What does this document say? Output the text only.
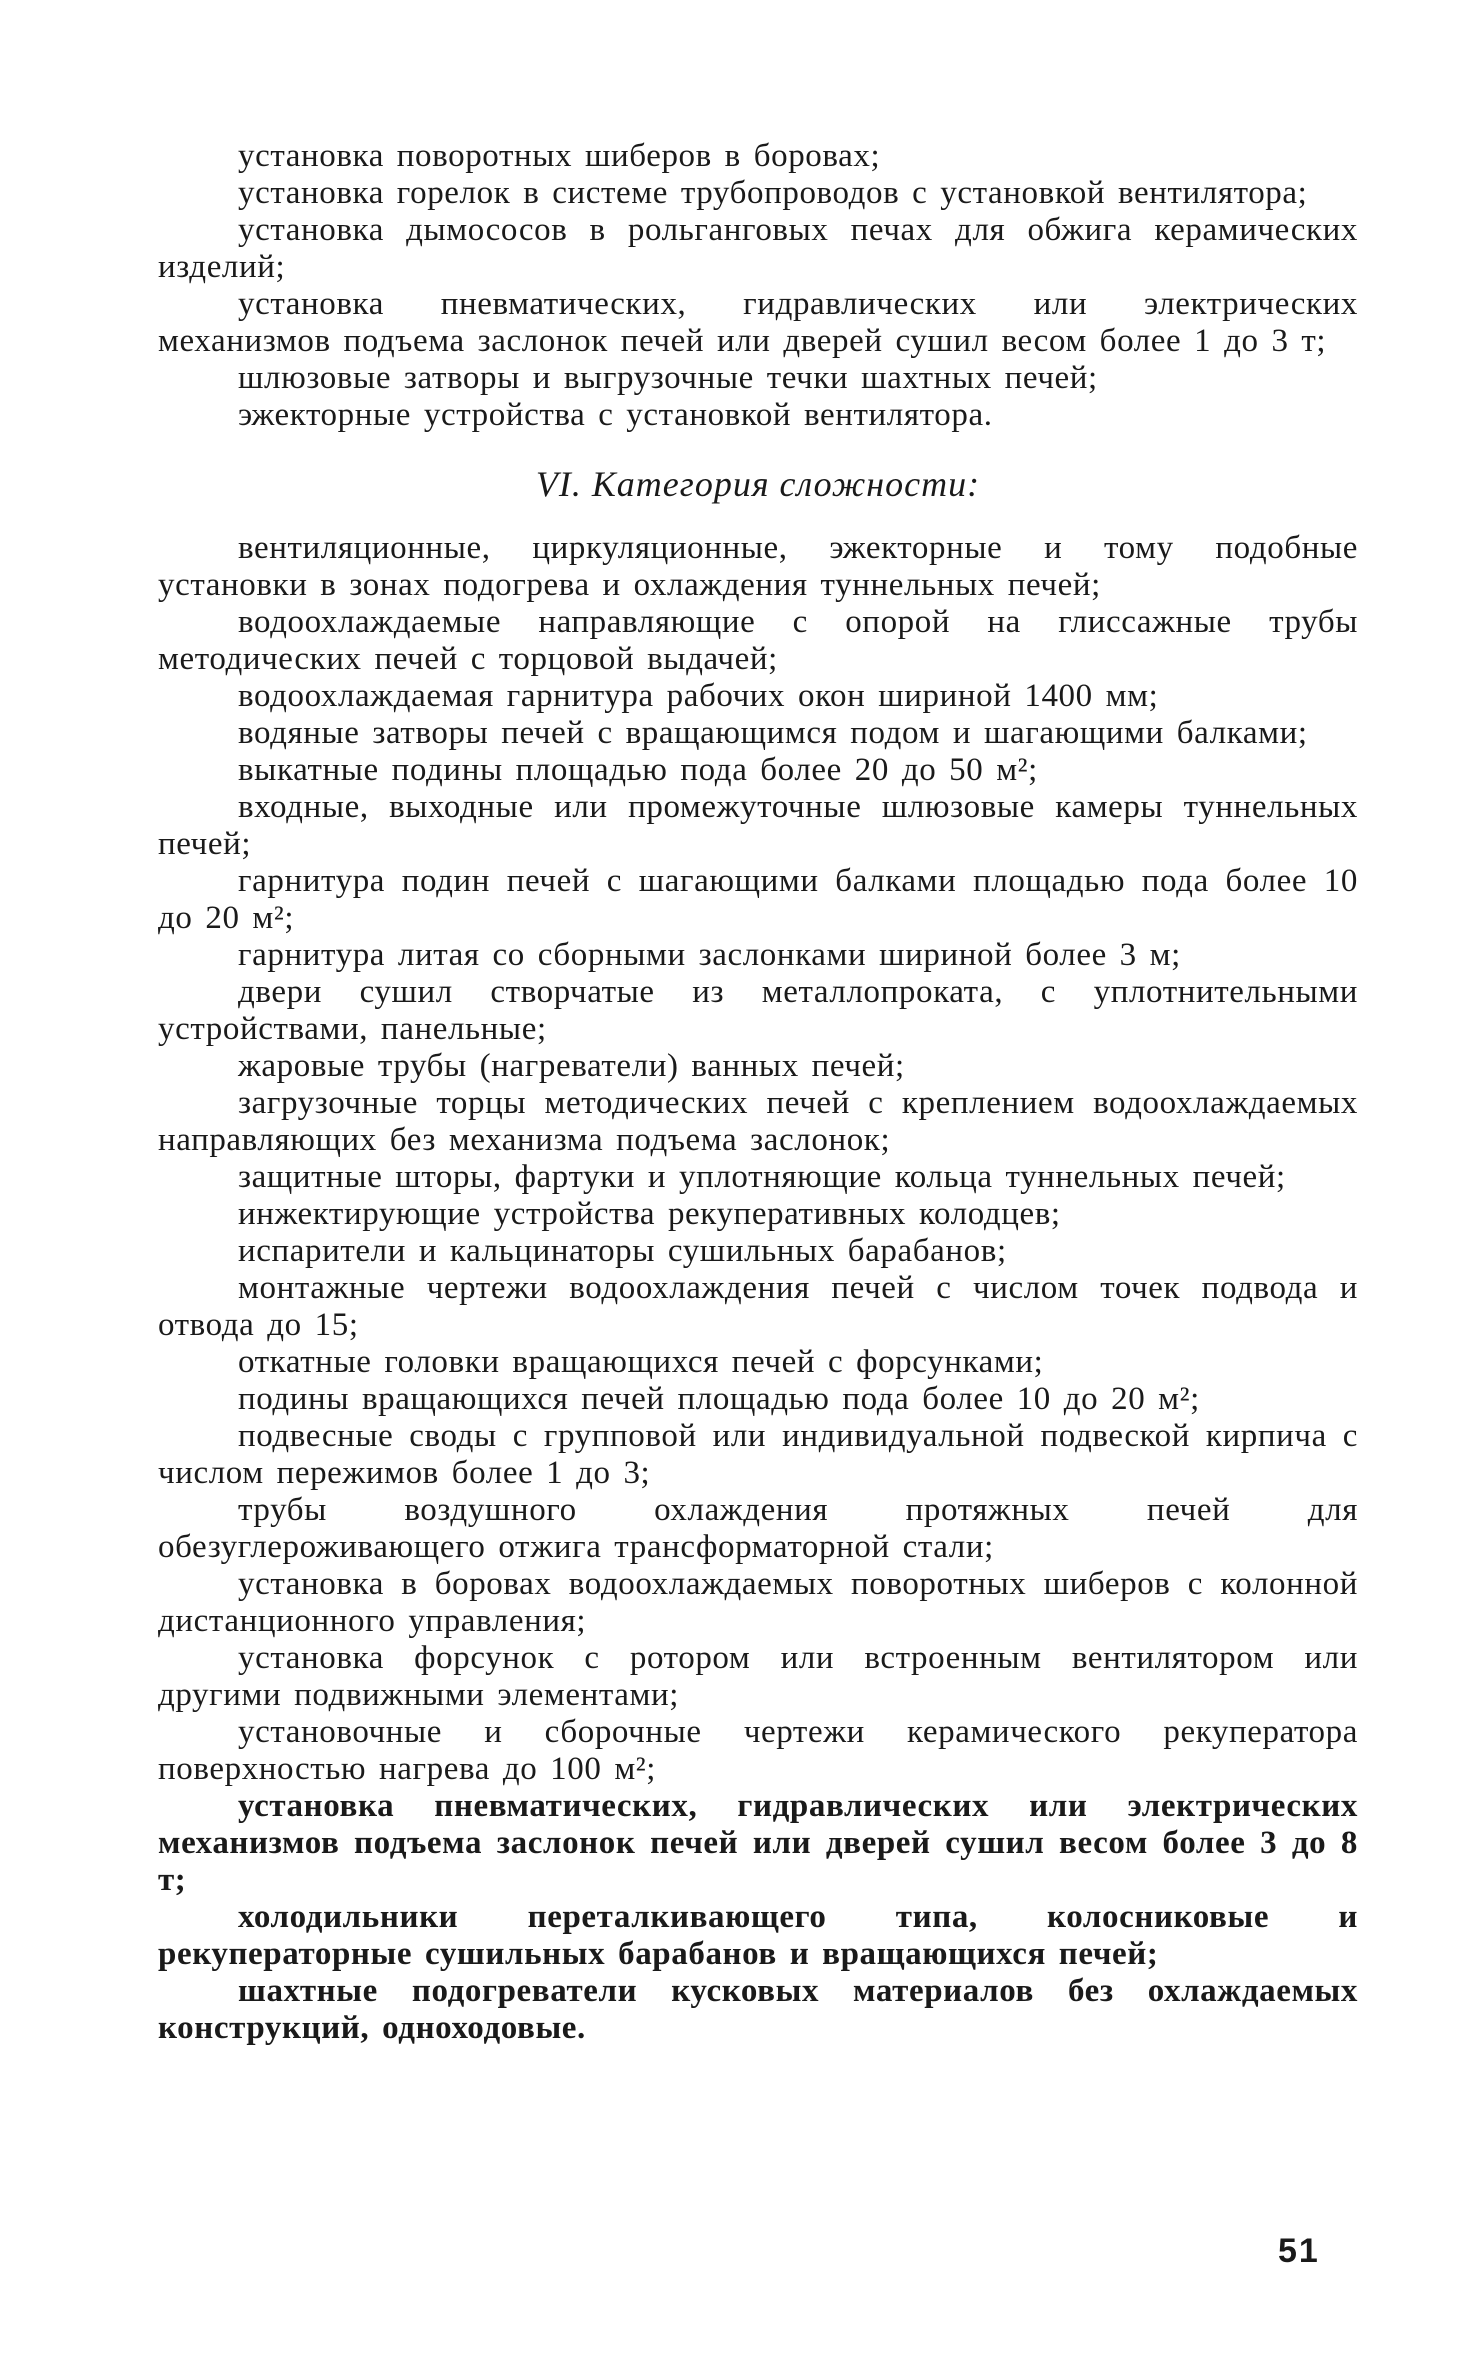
установка поворотных шиберов в боровах;

установка горелок в системе трубопроводов с установкой вентилятора;

установка дымососов в рольганговых печах для обжига керамических изделий;

установка пневматических, гидравлических или электрических механизмов подъема заслонок печей или дверей сушил весом более 1 до 3 т;

шлюзовые затворы и выгрузочные течки шахтных печей;

эжекторные устройства с установкой вентилятора.

VI. Категория сложности:

вентиляционные, циркуляционные, эжекторные и тому подобные установки в зонах подогрева и охлаждения туннельных печей;

водоохлаждаемые направляющие с опорой на глиссажные трубы методических печей с торцовой выдачей;

водоохлаждаемая гарнитура рабочих окон шириной 1400 мм;

водяные затворы печей с вращающимся подом и шагающими балками;

выкатные подины площадью пода более 20 до 50 м²;

входные, выходные или промежуточные шлюзовые камеры туннельных печей;

гарнитура подин печей с шагающими балками площадью пода более 10 до 20 м²;

гарнитура литая со сборными заслонками шириной более 3 м;

двери сушил створчатые из металлопроката, с уплотнительными устройствами, панельные;

жаровые трубы (нагреватели) ванных печей;

загрузочные торцы методических печей с креплением водоохлаждаемых направляющих без механизма подъема заслонок;

защитные шторы, фартуки и уплотняющие кольца туннельных печей;

инжектирующие устройства рекуперативных колодцев;

испарители и кальцинаторы сушильных барабанов;

монтажные чертежи водоохлаждения печей с числом точек подвода и отвода до 15;

откатные головки вращающихся печей с форсунками;

подины вращающихся печей площадью пода более 10 до 20 м²;

подвесные своды с групповой или индивидуальной подвеской кирпича с числом пережимов более 1 до 3;

трубы воздушного охлаждения протяжных печей для обезуглероживающего отжига трансформаторной стали;

установка в боровах водоохлаждаемых поворотных шиберов с колонной дистанционного управления;

установка форсунок с ротором или встроенным вентилятором или другими подвижными элементами;

установочные и сборочные чертежи керамического рекуператора поверхностью нагрева до 100 м²;

установка пневматических, гидравлических или электрических механизмов подъема заслонок печей или дверей сушил весом более 3 до 8 т;

холодильники переталкивающего типа, колосниковые и рекуператорные сушильных барабанов и вращающихся печей;

шахтные подогреватели кусковых материалов без охлаждаемых конструкций, одноходовые.

51
